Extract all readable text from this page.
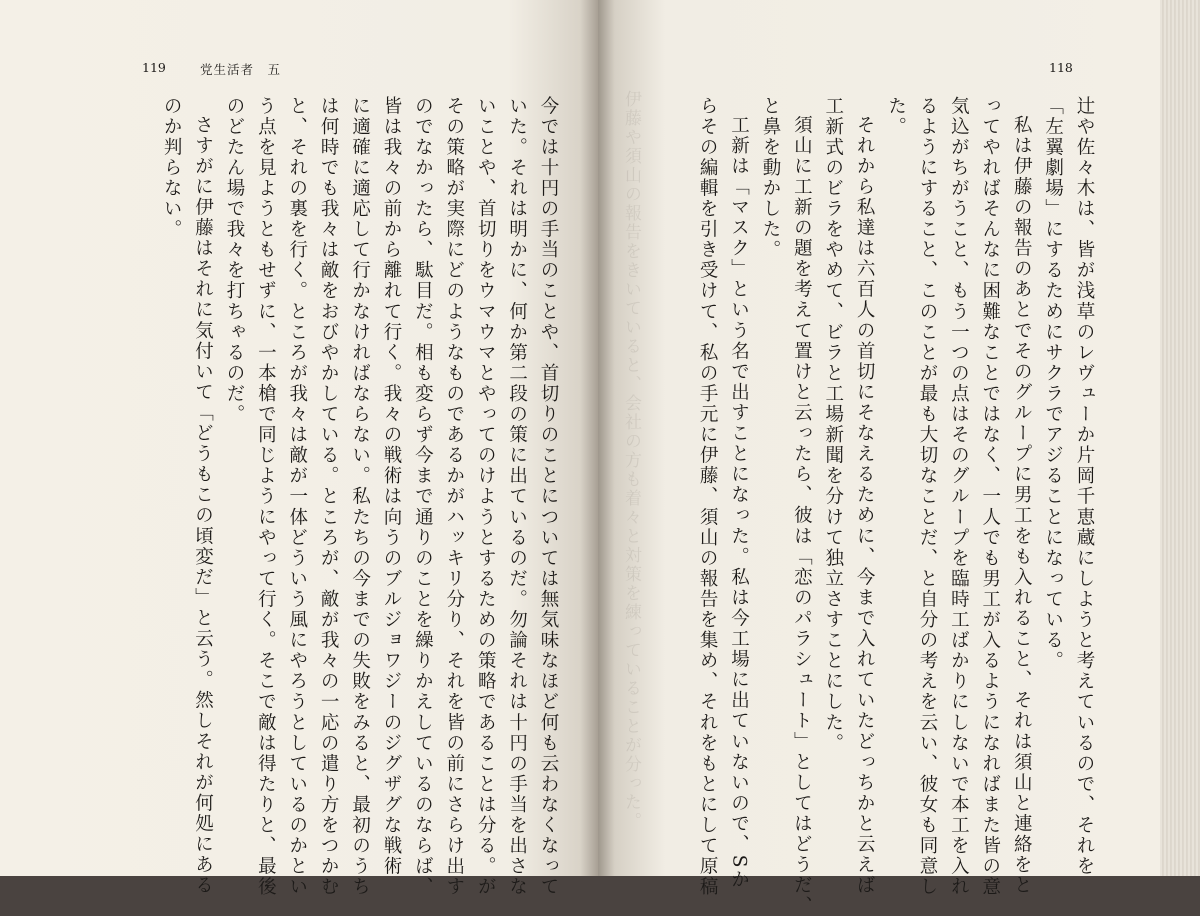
伊藤や須山の報告をきいていると、会社の方も着々と対策を練っていることが分った。
119	党生活者　五	118
辻や佐々木は、皆が浅草のレヴューか片岡千恵蔵にしようと考えているので、それを
「左翼劇場」にするためにサクラでアジることになっている。
私は伊藤の報告のあとでそのグループに男工をも入れること、それは須山と連絡をと
ってやればそんなに困難なことではなく、一人でも男工が入るようになればまた皆の意
気込がちがうこと、もう一つの点はそのグループを臨時工ばかりにしないで本工を入れ
るようにすること、このことが最も大切なことだ、と自分の考えを云い、彼女も同意し
た。
それから私達は六百人の首切にそなえるために、今まで入れていたどっちかと云えば
工新式のビラをやめて、ビラと工場新聞を分けて独立さすことにした。
須山に工新の題を考えて置けと云ったら、彼は「恋のパラシュート」としてはどうだ、
と鼻を動かした。
工新は「マスク」という名で出すことになった。私は今工場に出ていないので、Sか
らその編輯を引き受けて、私の手元に伊藤、須山の報告を集め、それをもとにして原稿
今では十円の手当のことや、首切りのことについては無気味なほど何も云わなくなって
いた。それは明かに、何か第二段の策に出ているのだ。勿論それは十円の手当を出さな
いことや、首切りをウマウマとやってのけようとするための策略であることは分る。が
その策略が実際にどのようなものであるかがハッキリ分り、それを皆の前にさらけ出す
のでなかったら、駄目だ。相も変らず今まで通りのことを繰りかえしているのならば、
皆は我々の前から離れて行く。我々の戦術は向うのブルジョワジーのジグザグな戦術
に適確に適応して行かなければならない。私たちの今までの失敗をみると、最初のうち
は何時でも我々は敵をおびやかしている。ところが、敵が我々の一応の遣り方をつかむ
と、それの裏を行く。ところが我々は敵が一体どういう風にやろうとしているのかとい
う点を見ようともせずに、一本槍で同じようにやって行く。そこで敵は得たりと、最後
のどたん場で我々を打ちゃるのだ。
さすがに伊藤はそれに気付いて「どうもこの頃変だ」と云う。然しそれが何処にある
のか判らない。
